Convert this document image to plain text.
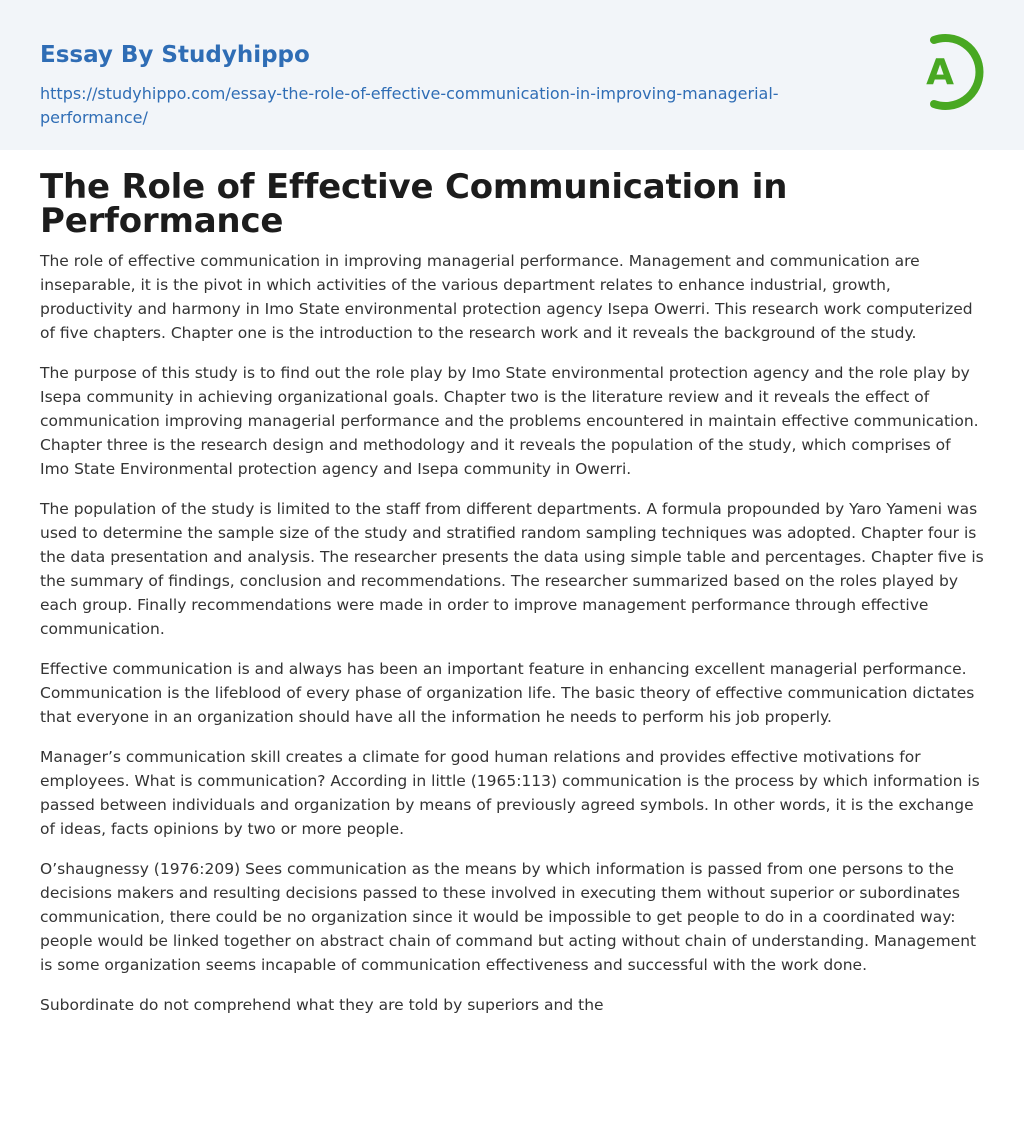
Essay By Studyhippo
https://studyhippo.com/essay-the-role-of-effective-communication-in-improving-managerial-performance/
A
The Role of Effective Communication in Performance

The role of effective communication in improving managerial performance. Management and communication are inseparable, it is the pivot in which activities of the various department relates to enhance industrial, growth, productivity and harmony in Imo State environmental protection agency Isepa Owerri. This research work computerized of five chapters. Chapter one is the introduction to the research work and it reveals the background of the study.

The purpose of this study is to find out the role play by Imo State environmental protection agency and the role play by Isepa community in achieving organizational goals. Chapter two is the literature review and it reveals the effect of communication improving managerial performance and the problems encountered in maintain effective communication. Chapter three is the research design and methodology and it reveals the population of the study, which comprises of Imo State Environmental protection agency and Isepa community in Owerri.

The population of the study is limited to the staff from different departments. A formula propounded by Yaro Yameni was used to determine the sample size of the study and stratified random sampling techniques was adopted. Chapter four is the data presentation and analysis. The researcher presents the data using simple table and percentages. Chapter five is the summary of findings, conclusion and recommendations. The researcher summarized based on the roles played by each group. Finally recommendations were made in order to improve management performance through effective communication.

Effective communication is and always has been an important feature in enhancing excellent managerial performance. Communication is the lifeblood of every phase of organization life. The basic theory of effective communication dictates that everyone in an organization should have all the information he needs to perform his job properly.

Manager’s communication skill creates a climate for good human relations and provides effective motivations for employees. What is communication? According in little (1965:113) communication is the process by which information is passed between individuals and organization by means of previously agreed symbols. In other words, it is the exchange of ideas, facts opinions by two or more people.

O’shaugnessy (1976:209) Sees communication as the means by which information is passed from one persons to the decisions makers and resulting decisions passed to these involved in executing them without superior or subordinates communication, there could be no organization since it would be impossible to get people to do in a coordinated way: people would be linked together on abstract chain of command but acting without chain of understanding. Management is some organization seems incapable of communication effectiveness and successful with the work done.

Subordinate do not comprehend what they are told by superiors and the
